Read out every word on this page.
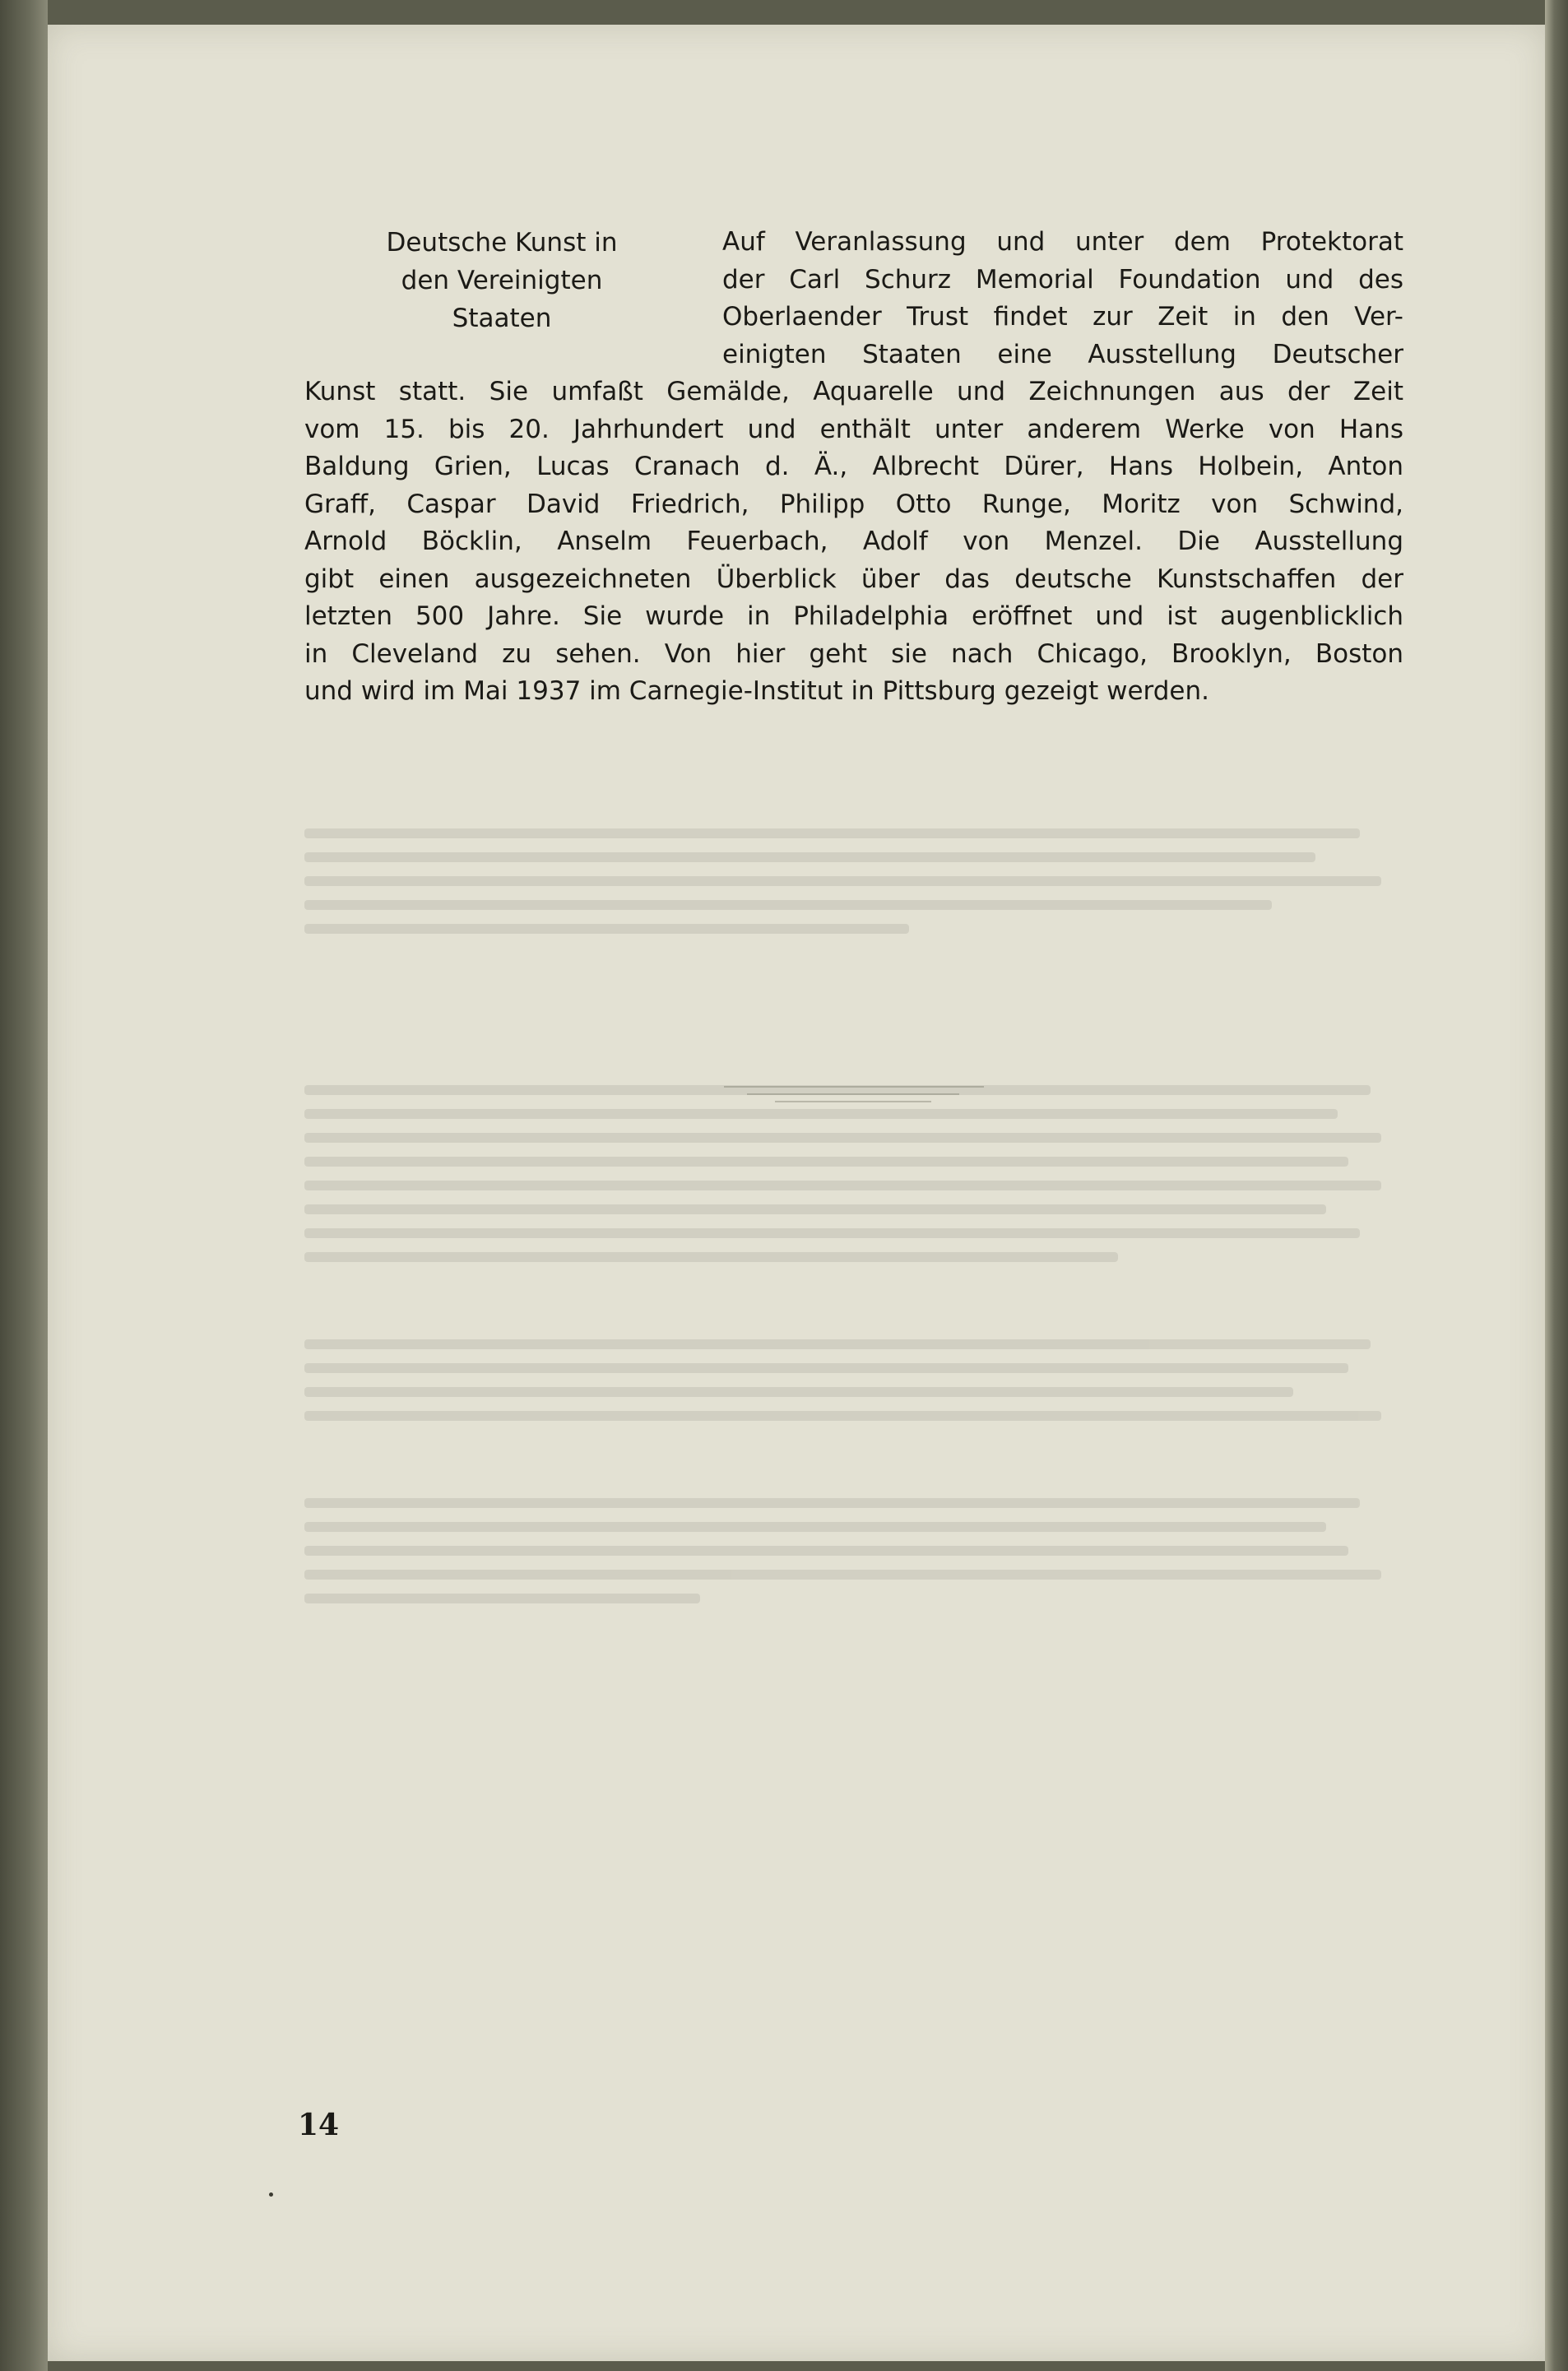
Deutsche Kunst in
den Vereinigten
Staaten
Auf Veranlassung und unter dem Protektorat
der Carl Schurz Memorial Foundation und des
Oberlaender Trust findet zur Zeit in den Ver-
einigten Staaten eine Ausstellung Deutscher
Kunst statt. Sie umfaßt Gemälde, Aquarelle und Zeichnungen aus der Zeit
vom 15. bis 20. Jahrhundert und enthält unter anderem Werke von Hans
Baldung Grien, Lucas Cranach d. Ä., Albrecht Dürer, Hans Holbein, Anton
Graff, Caspar David Friedrich, Philipp Otto Runge, Moritz von Schwind,
Arnold Böcklin, Anselm Feuerbach, Adolf von Menzel. Die Ausstellung
gibt einen ausgezeichneten Überblick über das deutsche Kunstschaffen der
letzten 500 Jahre. Sie wurde in Philadelphia eröffnet und ist augenblicklich
in Cleveland zu sehen. Von hier geht sie nach Chicago, Brooklyn, Boston
und wird im Mai 1937 im Carnegie-Institut in Pittsburg gezeigt werden.
14
